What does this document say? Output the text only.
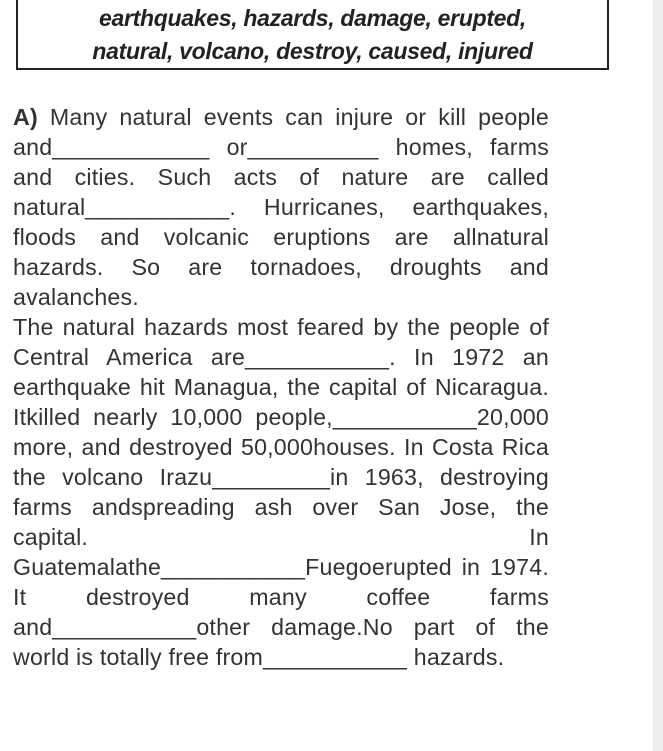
earthquakes, hazards, damage, erupted,
natural, volcano, destroy, caused, injured

A) Many natural events can injure or kill people and____________ or__________ homes, farms and cities. Such acts of nature are called natural___________. Hurricanes, earthquakes, floods and volcanic eruptions are allnatural hazards. So are tornadoes, droughts and avalanches.

The natural hazards most feared by the people of Central America are___________. In 1972 an earthquake hit Managua, the capital of Nicaragua. Itkilled nearly 10,000 people,___________20,000 more, and destroyed 50,000houses. In Costa Rica the volcano Irazu_________in 1963, destroying farms andspreading ash over San Jose, the capital. In Guatemalathe___________Fuegoerupted in 1974. It destroyed many coffee farms and___________other damage.No part of the world is totally free from___________ hazards.
